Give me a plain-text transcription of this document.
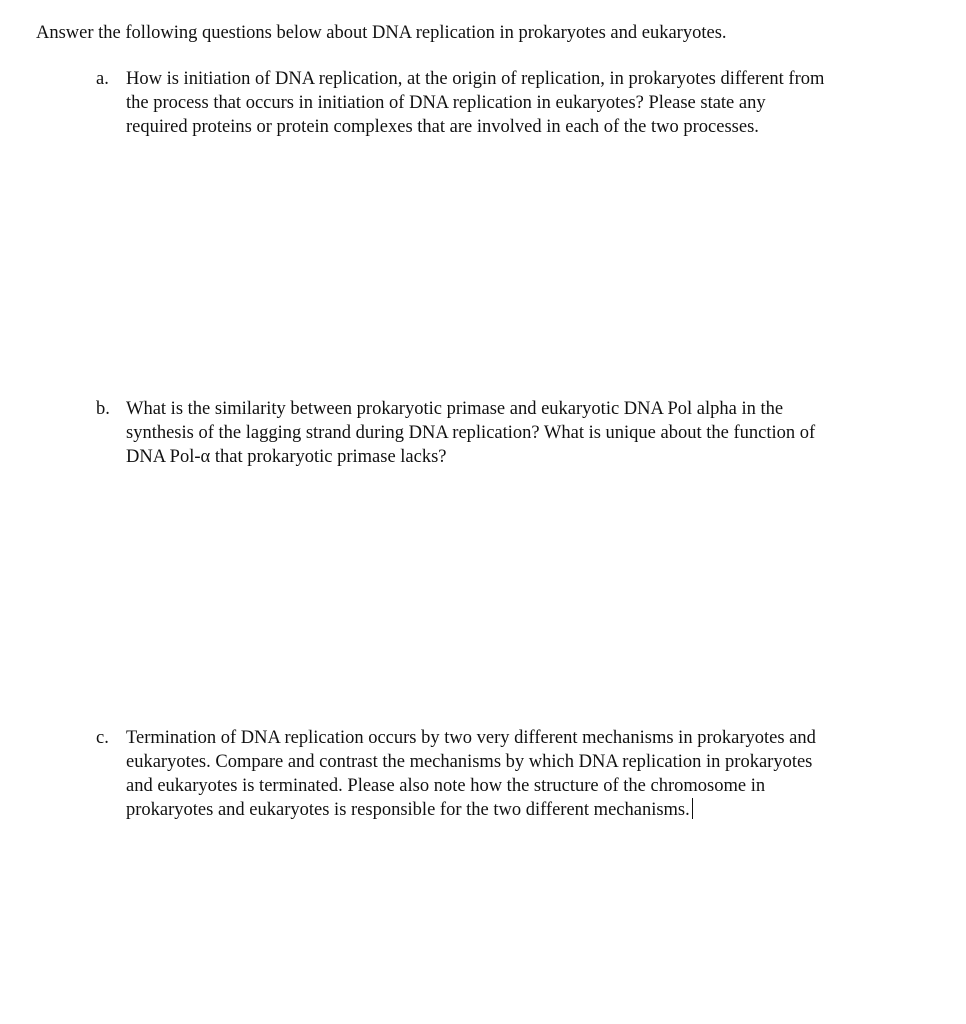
Answer the following questions below about DNA replication in prokaryotes and eukaryotes.
a. How is initiation of DNA replication, at the origin of replication, in prokaryotes different from
the process that occurs in initiation of DNA replication in eukaryotes? Please state any
required proteins or protein complexes that are involved in each of the two processes.
b. What is the similarity between prokaryotic primase and eukaryotic DNA Pol alpha in the
synthesis of the lagging strand during DNA replication? What is unique about the function of
DNA Pol-α that prokaryotic primase lacks?
c. Termination of DNA replication occurs by two very different mechanisms in prokaryotes and
eukaryotes. Compare and contrast the mechanisms by which DNA replication in prokaryotes
and eukaryotes is terminated. Please also note how the structure of the chromosome in
prokaryotes and eukaryotes is responsible for the two different mechanisms.
